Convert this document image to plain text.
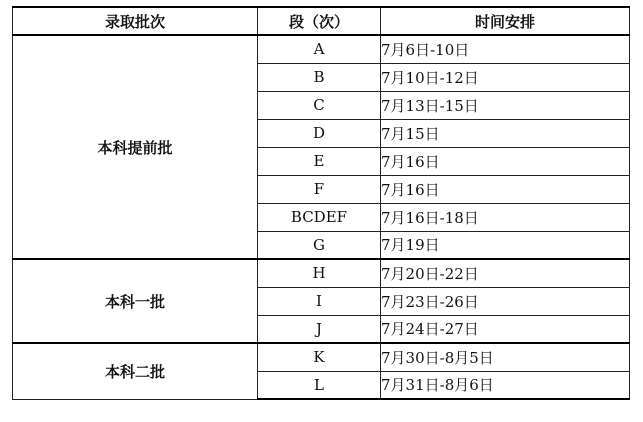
录取批次	段（次）	时间安排
本科提前批	A	7月6日-10日
	B	7月10日-12日
	C	7月13日-15日
	D	7月15日
	E	7月16日
	F	7月16日
	BCDEF	7月16日-18日
	G	7月19日
本科一批	H	7月20日-22日
	I	7月23日-26日
	J	7月24日-27日
本科二批	K	7月30日-8月5日
	L	7月31日-8月6日
